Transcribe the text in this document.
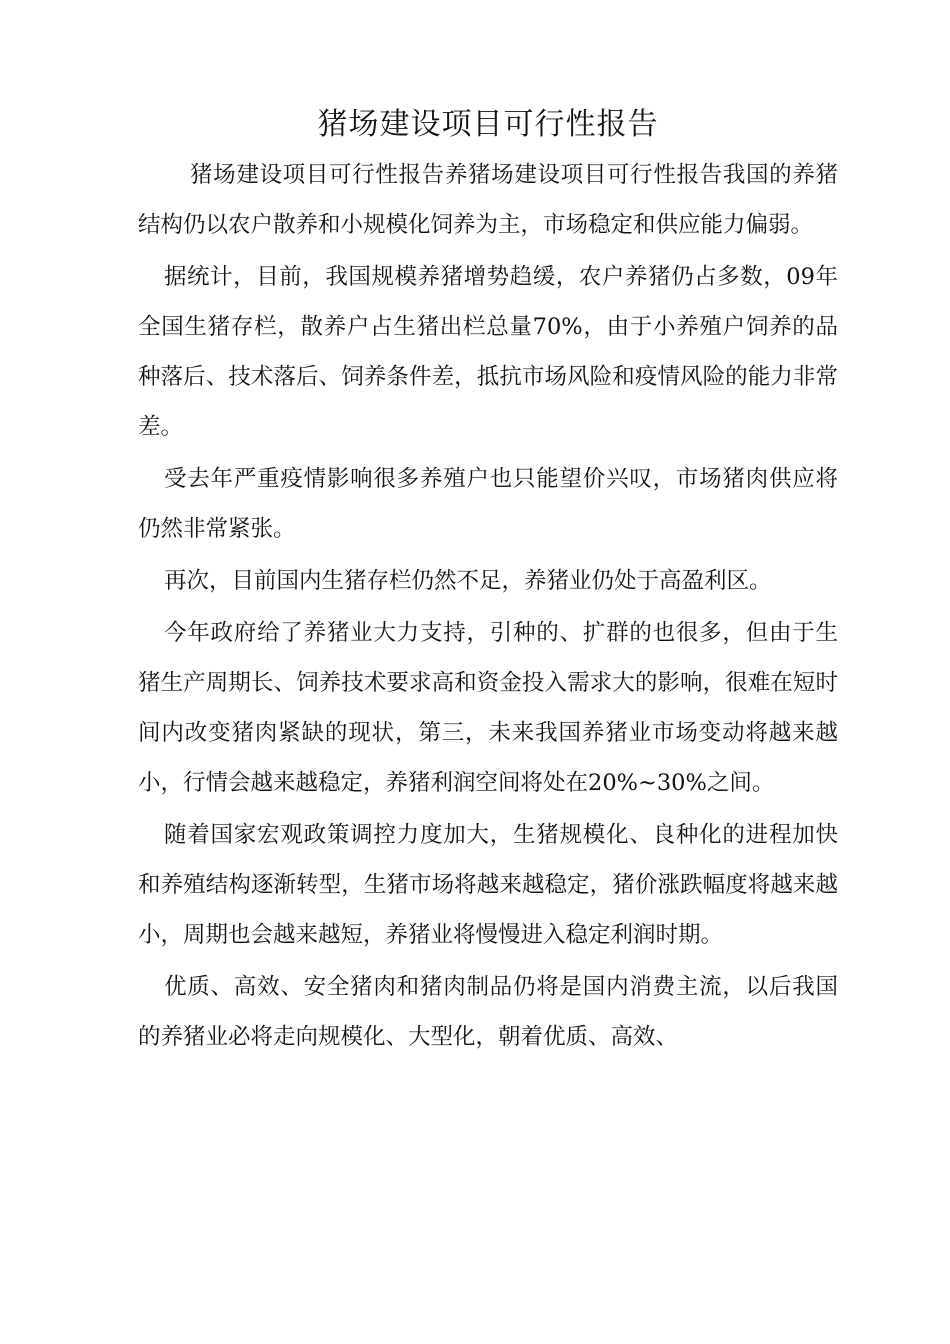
猪场建设项目可行性报告

猪场建设项目可行性报告养猪场建设项目可行性报告我国的养猪结构仍以农户散养和小规模化饲养为主，市场稳定和供应能力偏弱。

据统计，目前，我国规模养猪增势趋缓，农户养猪仍占多数，09年全国生猪存栏，散养户占生猪出栏总量70%，由于小养殖户饲养的品种落后、技术落后、饲养条件差，抵抗市场风险和疫情风险的能力非常差。

受去年严重疫情影响很多养殖户也只能望价兴叹，市场猪肉供应将仍然非常紧张。

再次，目前国内生猪存栏仍然不足，养猪业仍处于高盈利区。

今年政府给了养猪业大力支持，引种的、扩群的也很多，但由于生猪生产周期长、饲养技术要求高和资金投入需求大的影响，很难在短时间内改变猪肉紧缺的现状，第三，未来我国养猪业市场变动将越来越小，行情会越来越稳定，养猪利润空间将处在20%~30%之间。

随着国家宏观政策调控力度加大，生猪规模化、良种化的进程加快和养殖结构逐渐转型，生猪市场将越来越稳定，猪价涨跌幅度将越来越小，周期也会越来越短，养猪业将慢慢进入稳定利润时期。

优质、高效、安全猪肉和猪肉制品仍将是国内消费主流，以后我国的养猪业必将走向规模化、大型化，朝着优质、高效、
